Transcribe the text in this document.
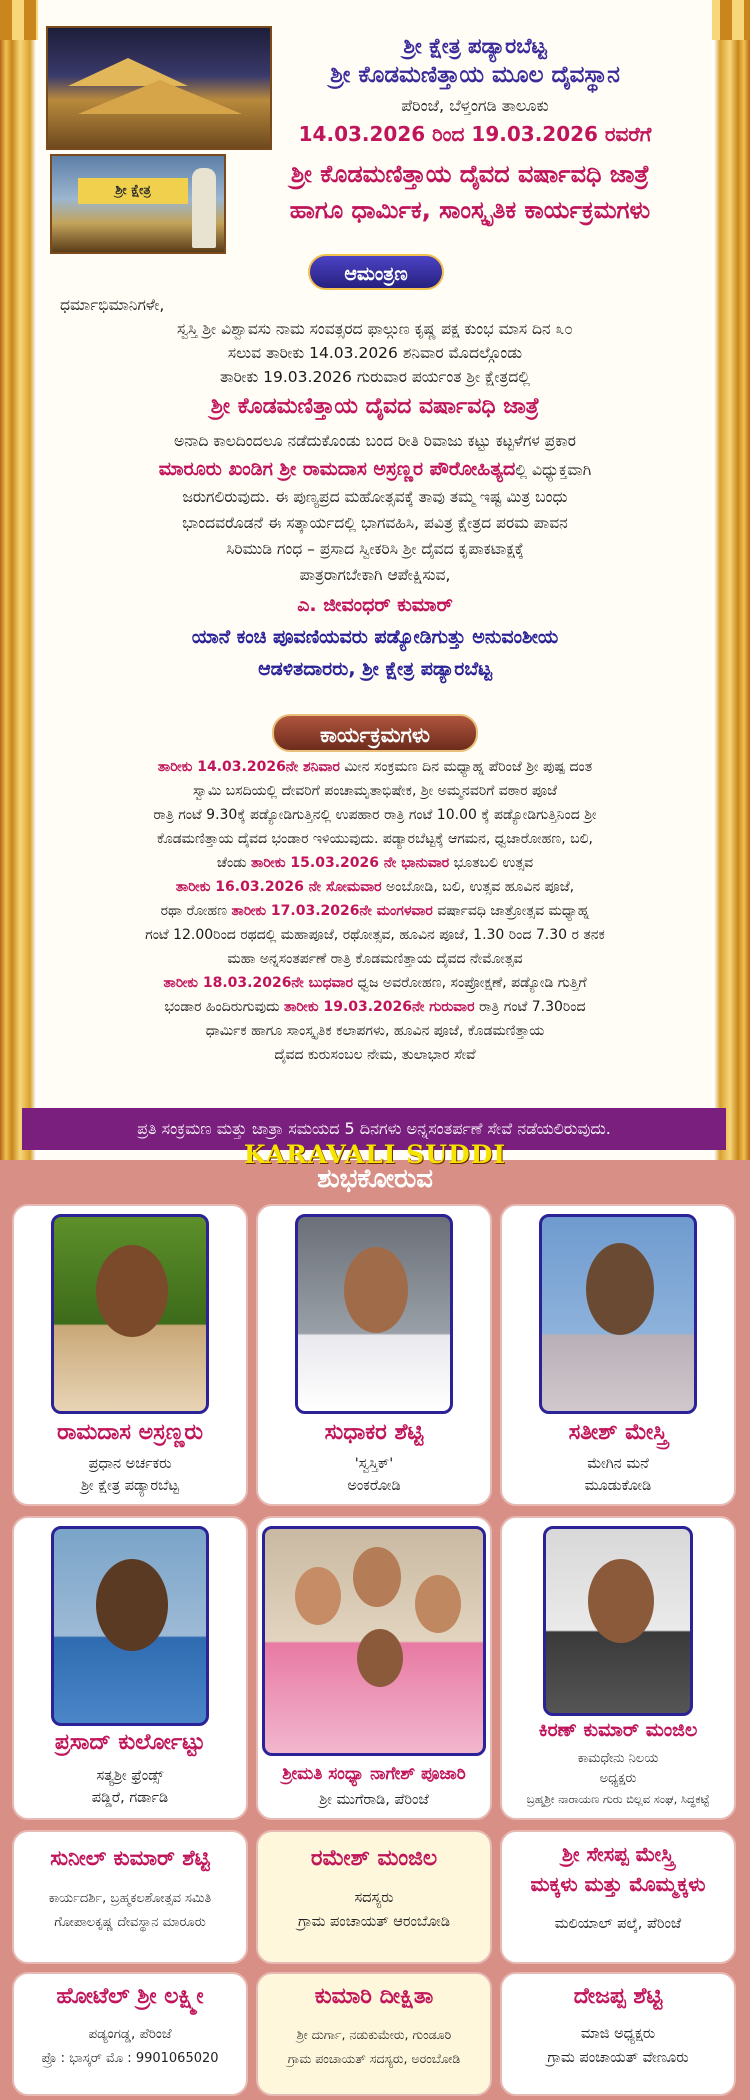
ಶ್ರೀ ಕ್ಷೇತ್ರ
ಶ್ರೀ ಕ್ಷೇತ್ರ ಪಡ್ಯಾರಬೆಟ್ಟ
ಶ್ರೀ ಕೊಡಮಣಿತ್ತಾಯ ಮೂಲ ದೈವಸ್ಥಾನ
ಪೆರಿಂಜೆ, ಬೆಳ್ತಂಗಡಿ ತಾಲೂಕು
14.03.2026 ರಿಂದ 19.03.2026 ರವರೆಗೆ
ಶ್ರೀ ಕೊಡಮಣಿತ್ತಾಯ ದೈವದ ವರ್ಷಾವಧಿ ಜಾತ್ರೆ
ಹಾಗೂ ಧಾರ್ಮಿಕ, ಸಾಂಸ್ಕೃತಿಕ ಕಾರ್ಯಕ್ರಮಗಳು
ಆಮಂತ್ರಣ
ಧರ್ಮಾಭಿಮಾನಿಗಳೇ,
ಸ್ವಸ್ತಿ ಶ್ರೀ ವಿಶ್ವಾವಸು ನಾಮ ಸಂವತ್ಸರದ ಫಾಲ್ಗುಣ ಕೃಷ್ಣ ಪಕ್ಷ ಕುಂಭ ಮಾಸ ದಿನ ೩೦
ಸಲುವ ತಾರೀಕು 14.03.2026 ಶನಿವಾರ ಮೊದಲ್ಗೊಂಡು
ತಾರೀಕು 19.03.2026 ಗುರುವಾರ ಪರ್ಯಂತ ಶ್ರೀ ಕ್ಷೇತ್ರದಲ್ಲಿ
ಶ್ರೀ ಕೊಡಮಣಿತ್ತಾಯ ದೈವದ ವರ್ಷಾವಧಿ ಜಾತ್ರೆ
ಅನಾದಿ ಕಾಲದಿಂದಲೂ ನಡೆದುಕೊಂಡು ಬಂದ ರೀತಿ ರಿವಾಜು ಕಟ್ಟು ಕಟ್ಟಳೆಗಳ ಪ್ರಕಾರ
ಮಾರೂರು ಖಂಡಿಗ ಶ್ರೀ ರಾಮದಾಸ ಅಸ್ರಣ್ಣರ ಪೌರೋಹಿತ್ಯದಲ್ಲಿ ವಿಧ್ಯುಕ್ತವಾಗಿ
ಜರುಗಲಿರುವುದು. ಈ ಪುಣ್ಯಪ್ರದ ಮಹೋತ್ಸವಕ್ಕೆ ತಾವು ತಮ್ಮ ಇಷ್ಟ ಮಿತ್ರ ಬಂಧು
ಭಾಂದವರೊಡನೆ ಈ ಸತ್ಕಾರ್ಯದಲ್ಲಿ ಭಾಗವಹಿಸಿ, ಪವಿತ್ರ ಕ್ಷೇತ್ರದ ಪರಮ ಪಾವನ
ಸಿರಿಮುಡಿ ಗಂಧ – ಪ್ರಸಾದ ಸ್ವೀಕರಿಸಿ ಶ್ರೀ ದೈವದ ಕೃಪಾಕಟಾಕ್ಷಕ್ಕೆ
ಪಾತ್ರರಾಗಬೇಕಾಗಿ ಆಪೇಕ್ಷಿಸುವ,
ಎ. ಜೀವಂಧರ್ ಕುಮಾರ್
ಯಾನೆ ಕಂಚಿ ಪೂವಣಿಯವರು ಪಡ್ಯೋಡಿಗುತ್ತು ಅನುವಂಶೀಯ
ಆಡಳಿತದಾರರು, ಶ್ರೀ ಕ್ಷೇತ್ರ ಪಡ್ಯಾರಬೆಟ್ಟ
ಕಾರ್ಯಕ್ರಮಗಳು
ತಾರೀಕು 14.03.2026ನೇ ಶನಿವಾರ ಮೀನ ಸಂಕ್ರಮಣ ದಿನ ಮಧ್ಯಾಹ್ನ ಪೆರಿಂಜೆ ಶ್ರೀ ಪುಷ್ಪ ದಂತ
ಸ್ವಾಮಿ ಬಸದಿಯಲ್ಲಿ ದೇವರಿಗೆ ಪಂಚಾಮೃತಾಭಿಷೇಕ, ಶ್ರೀ ಅಮ್ಮನವರಿಗೆ ವಠಾರ ಪೂಜೆ
ರಾತ್ರಿ ಗಂಟೆ 9.30ಕ್ಕೆ ಪಡ್ಯೋಡಿಗುತ್ತಿನಲ್ಲಿ ಉಪಹಾರ ರಾತ್ರಿ ಗಂಟೆ 10.00 ಕ್ಕೆ ಪಡ್ಯೋಡಿಗುತ್ತಿನಿಂದ ಶ್ರೀ
ಕೊಡಮಣಿತ್ತಾಯ ದೈವದ ಭಂಡಾರ ಇಳಿಯುವುದು. ಪಡ್ಯಾರಬೆಟ್ಟಕ್ಕೆ ಆಗಮನ, ಧ್ವಜಾರೋಹಣ, ಬಲಿ,
ಚೆಂಡು ತಾರೀಕು 15.03.2026 ನೇ ಭಾನುವಾರ ಭೂತಬಲಿ ಉತ್ಸವ
ತಾರೀಕು 16.03.2026 ನೇ ಸೋಮವಾರ ಅಂಬೋಡಿ, ಬಲಿ, ಉತ್ಸವ ಹೂವಿನ ಪೂಜೆ,
ರಥಾ ರೋಹಣ ತಾರೀಕು 17.03.2026ನೇ ಮಂಗಳವಾರ ವರ್ಷಾವಧಿ ಜಾತ್ರೋತ್ಸವ ಮಧ್ಯಾಹ್ನ
ಗಂಟೆ 12.00ರಿಂದ ರಥದಲ್ಲಿ ಮಹಾಪೂಜೆ, ರಥೋತ್ಸವ, ಹೂವಿನ ಪೂಜೆ, 1.30 ರಿಂದ 7.30 ರ ತನಕ
ಮಹಾ ಅನ್ನಸಂತರ್ಪಣೆ ರಾತ್ರಿ ಕೊಡಮಣಿತ್ತಾಯ ದೈವದ ನೇಮೋತ್ಸವ
ತಾರೀಕು 18.03.2026ನೇ ಬುಧವಾರ ಧ್ವಜ ಅವರೋಹಣ, ಸಂಪ್ರೋಕ್ಷಣೆ, ಪಡ್ಯೋಡಿ ಗುತ್ತಿಗೆ
ಭಂಡಾರ ಹಿಂದಿರುಗುವುದು ತಾರೀಕು 19.03.2026ನೇ ಗುರುವಾರ ರಾತ್ರಿ ಗಂಟೆ 7.30ರಿಂದ
ಧಾರ್ಮಿಕ ಹಾಗೂ ಸಾಂಸ್ಕೃತಿಕ ಕಲಾಪಗಳು, ಹೂವಿನ ಪೂಜೆ, ಕೊಡಮಣಿತ್ತಾಯ
ದೈವದ ಕುರುಸಂಬಲ ನೇಮ, ತುಲಾಭಾರ ಸೇವೆ
ಪ್ರತಿ ಸಂಕ್ರಮಣ ಮತ್ತು ಜಾತ್ರಾ ಸಮಯದ 5 ದಿನಗಳು ಅನ್ನಸಂತರ್ಪಣೆ ಸೇವೆ ನಡೆಯಲಿರುವುದು.
KARAVALI SUDDI
ಶುಭಕೋರುವ
ರಾಮದಾಸ ಅಸ್ರಣ್ಣರು
ಪ್ರಧಾನ ಅರ್ಚಕರು
ಶ್ರೀ ಕ್ಷೇತ್ರ ಪಡ್ಯಾರಬೆಟ್ಟ
ಸುಧಾಕರ ಶೆಟ್ಟಿ
'ಸ್ವಸ್ತಿಕ್'
ಅಂಕರೋಡಿ
ಸತೀಶ್ ಮೇಸ್ತ್ರಿ
ಮೇಗಿನ ಮನೆ
ಮೂಡುಕೋಡಿ
ಪ್ರಸಾದ್ ಕುರ್ಲೋಟ್ಟು
ಸತ್ಯಶ್ರೀ ಫ್ರೆಂಡ್ಸ್
ಪಡ್ಡಿರೆ, ಗರ್ಡಾಡಿ
ಶ್ರೀಮತಿ ಸಂಧ್ಯಾ ನಾಗೇಶ್ ಪೂಜಾರಿ
ಶ್ರೀ ಮುಗೆರಾಡಿ, ಪೆರಿಂಜೆ
ಕಿರಣ್ ಕುಮಾರ್ ಮಂಜಿಲ
ಕಾಮಧೇನು ನಿಲಯ
ಅಧ್ಯಕ್ಷರು
ಬ್ರಹ್ಮಶ್ರೀ ನಾರಾಯಣ ಗುರು ಬಿಲ್ಲವ ಸಂಘ, ಸಿದ್ಧಕಟ್ಟೆ
ಸುನೀಲ್ ಕುಮಾರ್ ಶೆಟ್ಟಿ
ಕಾರ್ಯದರ್ಶಿ, ಬ್ರಹ್ಮಕಲಶೋತ್ಸವ ಸಮಿತಿ
ಗೋಪಾಲಕೃಷ್ಣ ದೇವಸ್ಥಾನ ಮಾರೂರು
ರಮೇಶ್ ಮಂಜಿಲ
ಸದಸ್ಯರು
ಗ್ರಾಮ ಪಂಚಾಯತ್ ಆರಂಬೋಡಿ
ಶ್ರೀ ಸೇಸಪ್ಪ ಮೇಸ್ತ್ರಿ
ಮಕ್ಕಳು ಮತ್ತು ಮೊಮ್ಮಕ್ಕಳು
ಮಲಿಯಾಲ್ ಪಲ್ಕೆ, ಪೆರಿಂಜೆ
ಹೋಟೆಲ್ ಶ್ರೀ ಲಕ್ಷ್ಮೀ
ಪಡ್ಯಂಗಡ್ಡ, ಪೆರಿಂಜೆ
ಪ್ರೊ : ಭಾಸ್ಕರ್ ಮೊ : 9901065020
ಕುಮಾರಿ ದೀಕ್ಷಿತಾ
ಶ್ರೀ ದುರ್ಗಾ, ನಡುಕುಮೇರು, ಗುಂಡೂರಿ
ಗ್ರಾಮ ಪಂಚಾಯತ್ ಸದಸ್ಯರು, ಅರಂಬೋಡಿ
ದೇಜಪ್ಪ ಶೆಟ್ಟಿ
ಮಾಜಿ ಅಧ್ಯಕ್ಷರು
ಗ್ರಾಮ ಪಂಚಾಯತ್ ವೇಣೂರು
